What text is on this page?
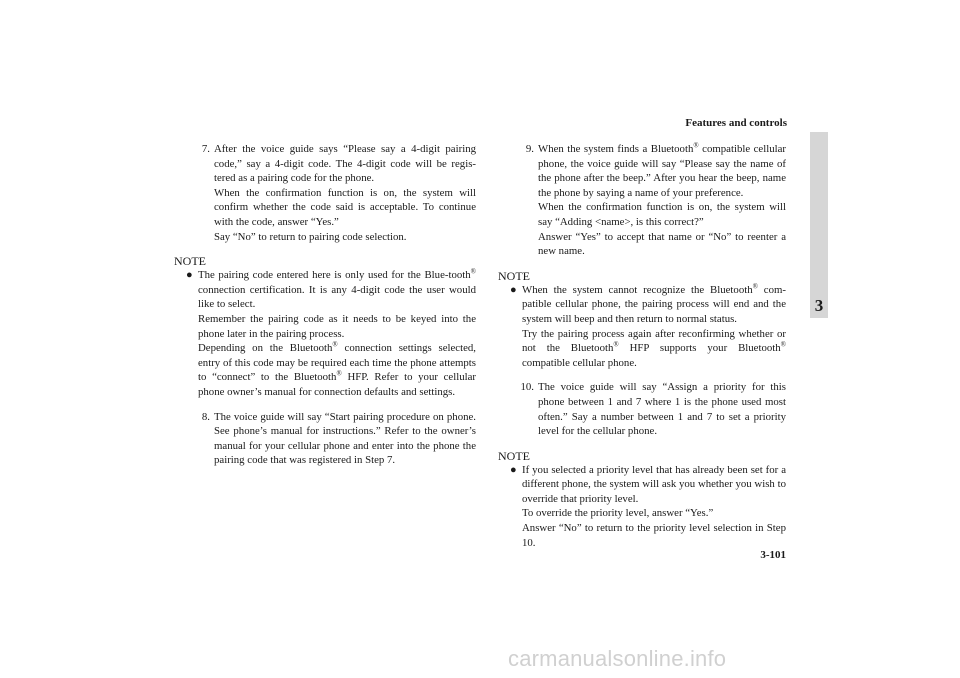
Features and controls
3
7. After the voice guide says “Please say a 4-digit pairing code,” say a 4-digit code. The 4-digit code will be regis-tered as a pairing code for the phone.
When the confirmation function is on, the system will confirm whether the code said is acceptable. To continue with the code, answer “Yes.”
Say “No” to return to pairing code selection.
NOTE
● The pairing code entered here is only used for the Blue-tooth® connection certification. It is any 4-digit code the user would like to select.
Remember the pairing code as it needs to be keyed into the phone later in the pairing process.
Depending on the Bluetooth® connection settings selected, entry of this code may be required each time the phone attempts to “connect” to the Bluetooth® HFP. Refer to your cellular phone owner’s manual for connection defaults and settings.
8. The voice guide will say “Start pairing procedure on phone. See phone’s manual for instructions.” Refer to the owner’s manual for your cellular phone and enter into the phone the pairing code that was registered in Step 7.
9. When the system finds a Bluetooth® compatible cellular phone, the voice guide will say “Please say the name of the phone after the beep.” After you hear the beep, name the phone by saying a name of your preference.
When the confirmation function is on, the system will say “Adding <name>, is this correct?”
Answer “Yes” to accept that name or “No” to reenter a new name.
NOTE
● When the system cannot recognize the Bluetooth® com-patible cellular phone, the pairing process will end and the system will beep and then return to normal status.
Try the pairing process again after reconfirming whether or not the Bluetooth® HFP supports your Bluetooth® compatible cellular phone.
10. The voice guide will say “Assign a priority for this phone between 1 and 7 where 1 is the phone used most often.” Say a number between 1 and 7 to set a priority level for the cellular phone.
NOTE
● If you selected a priority level that has already been set for a different phone, the system will ask you whether you wish to override that priority level.
To override the priority level, answer “Yes.”
Answer “No” to return to the priority level selection in Step 10.
3-101
carmanualsonline.info
